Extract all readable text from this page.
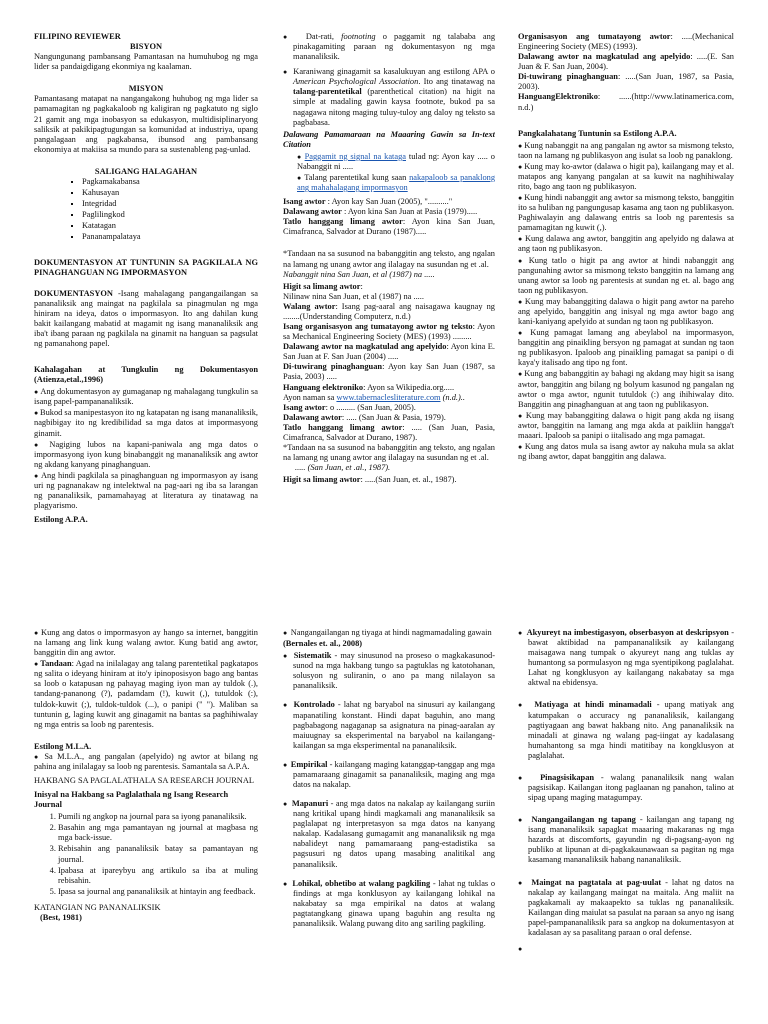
FILIPINO REVIEWER

BISYON

Nangungunang pambansang Pamantasan na humuhubog ng mga lider sa pandaigdigang ekonmiya ng kaalaman.

MISYON

Pamantasang matapat na nangangakong huhubog ng mga lider sa pamamagitan ng pagkakaloob ng kaligiran ng pagkatuto ng siglo 21 gamit ang mga inobasyon sa edukasyon, multidisiplinaryong saliksik at pakikipagtugungan sa komunidad at industriya, upang pangalagaan ang pagkabansa, ibunsod ang pambansang ekonomiya at makiisa sa mundo para sa sustenableng pag-unlad.

SALIGANG HALAGAHAN

▪ Pagkamakabansa
▪ Kahusayan
▪ Integridad
▪ Paglilingkod
▪ Katatagan
▪ Pananampalataya

DOKUMENTASYON AT TUNTUNIN SA PAGKILALA NG PINAGHANGUAN NG IMPORMASYON

DOKUMENTASYON -Isang mahalagang pangangailangan sa pananaliksik ang maingat na pagkilala sa pinagmulan ng mga hiniram na ideya, datos o impormasyon. Ito ang dahilan kung bakit kailangang mabatid at magamit ng isang mananaliksik ang iba't ibang paraan ng pagkilala na ginamit na hanguan sa pagsulat ng pamanahong papel.

Kahalagahan at Tungkulin ng Dokumentasyon (Atienza,etal.,1996)

● Ang dokumentasyon ay gumaganap ng mahalagang tungkulin sa isang papel-pampananaliksik.
● Bukod sa manipestasyon ito ng katapatan ng isang mananaliksik, nagbibigay ito ng kredibilidad sa mga datos at impormasyong ginamit.
● Nagiging lubos na kapani-paniwala ang mga datos o impormasyong iyon kung binabanggit ng mananaliksik ang awtor ng akdang kanyang pinaghanguan.
● Ang hindi pagkilala sa pinaghanguan ng impormasyon ay isang uri ng pagnanakaw ng intelektwal na pag-aari ng iba sa larangan ng pananaliksik, pamamahayag at literatura ay tinatawag na plagyarismo.

Estilong A.P.A.

●  Dat-rati, footnoting o paggamit ng talababa ang pinakagamiting paraan ng dokumentasyon ng mga mananaliksik.
●  Karaniwang ginagamit sa kasalukuyan ang estilong APA o American Psychological Association. Ito ang tinatawag na talang-parentetikal (parenthetical citation) na higit na simple at madaling gawin kaysa footnote, bukod pa sa nagagawa nitong maging tuluy-tuloy ang daloy ng teksto sa pagbabasa.

Dalawang Pamamaraan na Maaaring Gawin sa In-text Citation

● Paggamit ng signal na kataga tulad ng: Ayon kay ..... o Nabanggit ni .....
● Talang parentetikal kung saan nakapaloob sa panaklong ang mahahalagang impormasyon

Isang awtor : Ayon kay San Juan (2005), ".........."

Dalawang awtor : Ayon kina San Juan at Pasia (1979).....

Tatlo hanggang limang awtor: Ayon kina San Juan, Cimafranca, Salvador at Durano (1987).....

*Tandaan na sa susunod na babanggitin ang teksto, ang ngalan na lamang ng unang awtor ang ilalagay na susundan ng et .al.

Nabanggit nina San Juan, et al (1987) na .....

Higit sa limang awtor:

Nilinaw nina San Juan, et al (1987) na .....

Walang awtor: Isang pag-aaral ang naisagawa kaugnay ng ........(Understanding Computerz, n.d.)

Isang organisasyon ang tumatayong awtor ng teksto: Ayon sa Mechanical Engineering Society (MES) (1993) .........

Dalawang awtor na magkatulad ang apelyido: Ayon kina E. San Juan at F. San Juan (2004) .....

Di-tuwirang pinaghanguan: Ayon kay San Juan (1987, sa Pasia, 2003) .....

Hanguang elektroniko: Ayon sa Wikipedia.org.....

Ayon naman sa www.tabernaclesliterature.com (n.d.)..

Isang awtor: o ......... (San Juan, 2005).

Dalawang awtor: ..... (San Juan & Pasia, 1979).

Tatlo hanggang limang awtor: ..... (San Juan, Pasia, Cimafranca, Salvador at Durano, 1987).

*Tandaan na sa susunod na babanggitin ang teksto, ang ngalan na lamang ng unang awtor ang ilalagay na susundan ng et .al.

..... (San Juan, et .al., 1987).

Higit sa limang awtor: .....(San Juan, et. al., 1987).

Organisasyon ang tumatayong awtor: .....(Mechanical Engineering Society (MES) (1993).

Dalawang awtor na magkatulad ang apelyido: .....(E. San Juan & F. San Juan, 2004).

Di-tuwirang pinaghanguan: .....(San Juan, 1987, sa Pasia, 2003).

HanguangElektroniko: ......(http://www.latinamerica.com, n.d.)

Pangkalahatang Tuntunin sa Estilong A.P.A.

● Kung nabanggit na ang pangalan ng awtor sa mismong teksto, taon na lamang ng publikasyon ang isulat sa loob ng panaklong.
● Kung may ko-awtor (dalawa o higit pa), kailangang may et al. matapos ang kanyang pangalan at sa kuwit na naghihiwalay rito, bago ang taon ng publikasyon.
● Kung hindi nabanggit ang awtor sa mismong teksto, banggitin ito sa huliban ng pangungusap kasama ang taon ng publikasyon. Paghiwalayin ang dalawang entris sa loob ng parentesis sa pamamagitan ng kuwit (,).
● Kung dalawa ang awtor, banggitin ang apelyido ng dalawa at ang taon ng publikasyon.
● Kung tatlo o higit pa ang awtor at hindi nabanggit ang pangunahing awtor sa mismong teksto banggitin na lamang ang unang awtor sa loob ng parentesis at sundan ng et. al. bago ang taon ng publikasyon.
● Kung may babanggiting dalawa o higit pang awtor na pareho ang apelyido, banggitin ang inisyal ng mga awtor bago ang kani-kaniyang apelyido at sundan ng taon ng publikasyon.
● Kung pamagat lamang ang abeylabol na impormasyon, banggitin ang pinaikling bersyon ng pamagat at sundan ng taon ng publikasyon. Ipaloob ang pinaikling pamagat sa panipi o di kaya'y italisado ang tipo ng font.
● Kung ang babanggitin ay bahagi ng akdang may higit sa isang awtor, banggitin ang bilang ng bolyum kasunod ng pangalan ng awtor o mga awtor, ngunit tutuldok (:) ang ihihiwalay dito. Banggitin ang pinaghanguan at ang taon ng publikasyon.
● Kung may babanggiting dalawa o higit pang akda ng iisang awtor, banggitin na lamang ang mga akda at paikliin hangga't maaari. Ipaloob sa panipi o iitalisado ang mga pamagat.
● Kung ang datos mula sa isang awtor ay nakuha mula sa aklat ng ibang awtor, dapat banggitin ang dalawa.
● Kung ang datos o impormasyon ay hango sa internet, banggitin na lamang ang link kung walang awtor. Kung batid ang awtor, banggitin din ang awtor.
● Tandaan: Agad na inilalagay ang talang parentetikal pagkatapos ng salita o ideyang hiniram at ito'y ipinoposisyon bago ang bantas sa loob o katapusan ng pahayag maging iyon man ay tuldok (.), tandang-pananong (?), padamdam (!), kuwit (,), tutuldok (:), tuldok-kuwit (;), tuldok-tuldok (...), o panipi (" "). Maliban sa tuntunin g, laging kuwit ang ginagamit na bantas sa paghihiwalay ng mga entris sa loob ng parentesis.

Estilong M.L.A.

● Sa M.L.A., ang pangalan (apelyido) ng awtor at bilang ng pahina ang inilalagay sa loob ng parentesis. Samantala sa A.P.A.

HAKBANG SA PAGLALATHALA SA RESEARCH JOURNAL

Inisyal na Hakbang sa Paglalathala ng Isang Research Journal

1. Pumili ng angkop na journal para sa iyong pananaliksik.
2. Basahin ang mga pamantayan ng journal at magbasa ng mga back-issue.
3. Rebisahin ang pananaliksik batay sa pamantayan ng journal.
4. Ipabasa at ipareybyu ang artikulo sa iba at muling rebisahin.
5. Ipasa sa journal ang pananaliksik at hintayin ang feedback.

KATANGIAN NG PANANALIKSIK

(Best, 1981)

●  Nangangailangan ng tiyaga at hindi nagmamadaling gawain

(Bernales et. al., 2008)

●  Sistematik - may sinusunod na proseso o magkakasunod-sunod na mga hakbang tungo sa pagtuklas ng katotohanan, solusyon ng suliranin, o ano pa mang nilalayon sa pananaliksik.
●  Kontrolado - lahat ng baryabol na sinusuri ay kailangang mapanatiling konstant. Hindi dapat baguhin, ano mang pagbabagong nagaganap sa asignatura na pinag-aaralan ay maiuugnay sa eksperimental na baryabol na kailangang-kailangan sa mga eksperimental na pananaliksik.
●  Empirikal - kailangang maging katanggap-tanggap ang mga pamamaraang ginagamit sa pananaliksik, maging ang mga datos na nakalap.
●  Mapanuri - ang mga datos na nakalap ay kailangang suriin nang kritikal upang hindi magkamali ang mananaliksik sa paglalapat ng interpretasyon sa mga datos na kanyang nakalap. Kadalasang gumagamit ang mananaliksik ng mga nabalideyt nang pamamaraang pang-estadistika sa pagsusuri ng datos upang masabing analitikal ang pananaliksik.
●  Lohikal, obhetibo at walang pagkiling - lahat ng tuklas o findings at mga konklusyon ay kailangang lohikal na nakabatay sa mga empirikal na datos at walang pagtatangkang ginawa upang baguhin ang resulta ng pananaliksik. Walang puwang dito ang sariling pagkiling.
●  Akyureyt na imbestigasyon, obserbasyon at deskripsyon - bawat aktibidad na pampananaliksik ay kailangang maisagawa nang tumpak o akyureyt nang ang tuklas ay humantong sa pormulasyon ng mga syentipikong paglalahat. Lahat ng kongklusyon ay kailangang nakabatay sa mga aktwal na ebidensya.
●  Matiyaga at hindi minamadali - upang matiyak ang katumpakan o accuracy ng pananaliksik, kailangang pagtiyagaan ang bawat hakbang nito. Ang pananaliksik na minadali at ginawa ng walang pag-iingat ay kadalasang humahantong sa mga hindi matitibay na kongklusyon at paglalahat.
●  Pinagsisikapan - walang pananaliksik nang walan pagsisikap. Kailangan itong paglaanan ng panahon, talino at sipag upang maging matagumpay.
●  Nangangailangan ng tapang - kailangan ang tapang ng isang mananaliksik sapagkat maaaring makaranas ng mga hazards at discomforts, gayundin ng di-pagsang-ayon ng publiko at lipunan at di-pagkakaunawaan sa pagitan ng mga kasamang mananaliksik habang nananaliksik.
●  Maingat na pagtatala at pag-uulat - lahat ng datos na nakalap ay kailangang maingat na maitala. Ang maliit na pagkakamali ay makaapekto sa tuklas ng pananaliksik. Kailangan ding maiulat sa pasulat na paraan sa anyo ng isang papel-pampananaliksik para sa angkop na dokumentasyon at kadalasan ay sa pasalitang paraan o oral defense.
●
